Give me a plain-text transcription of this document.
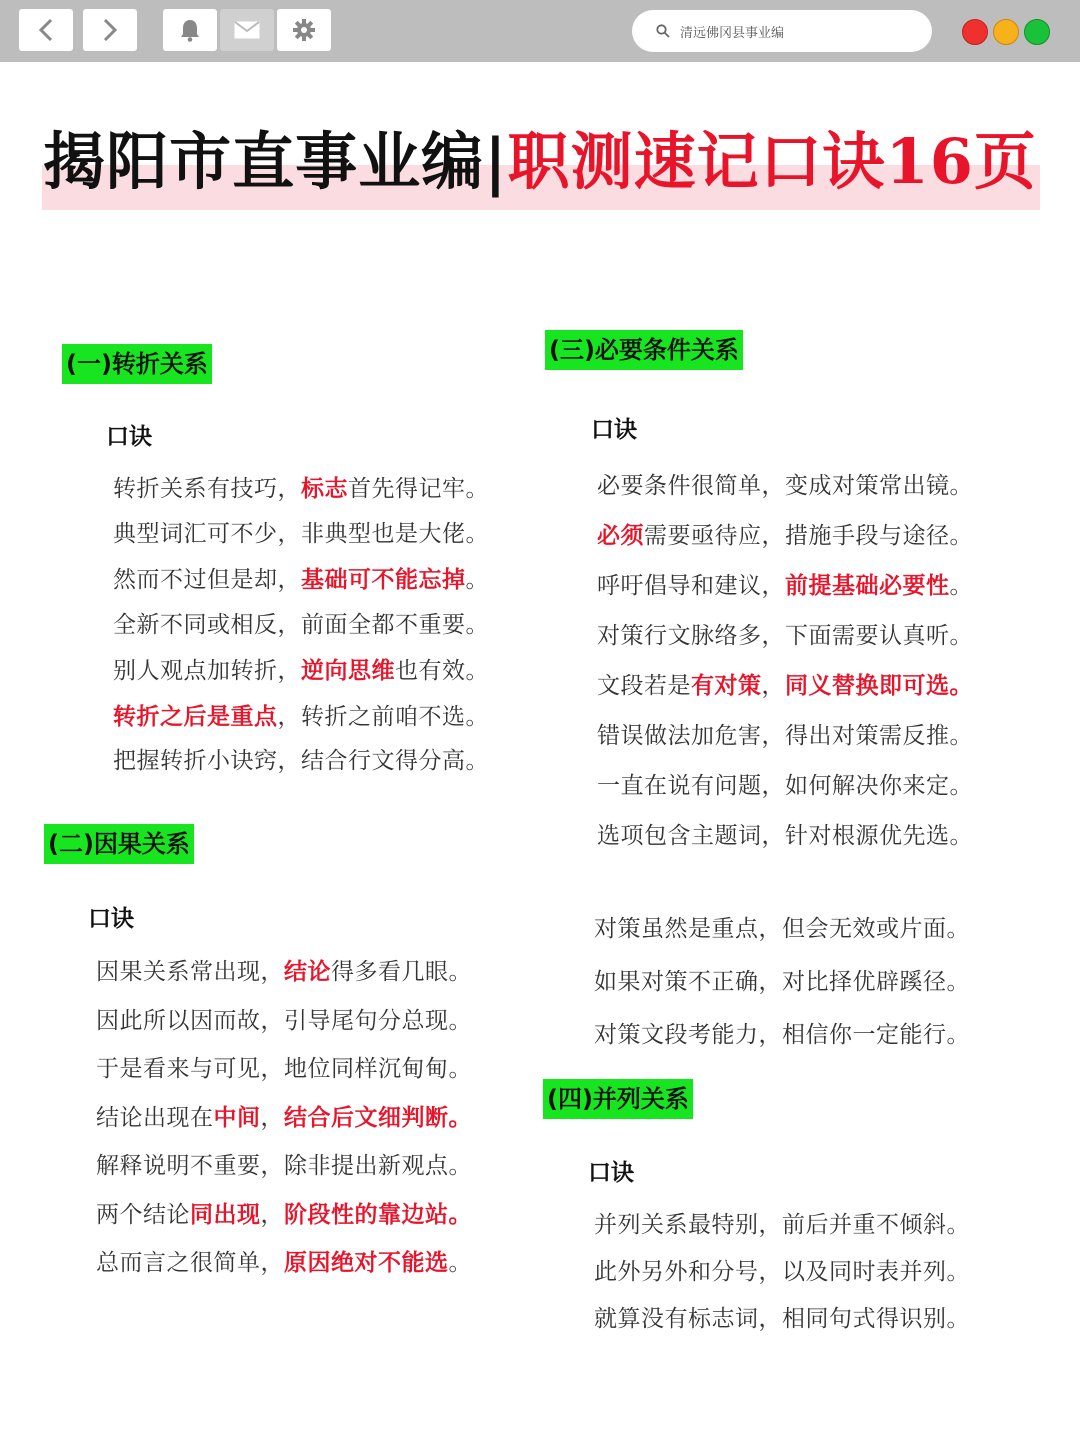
清远佛冈县事业编
揭阳市直事业编|职测速记口诀16页
(一)转折关系
口诀
转折关系有技巧，标志首先得记牢。
典型词汇可不少，非典型也是大佬。
然而不过但是却，基础可不能忘掉。
全新不同或相反，前面全都不重要。
别人观点加转折，逆向思维也有效。
转折之后是重点，转折之前咱不选。
把握转折小诀窍，结合行文得分高。
(二)因果关系
口诀
因果关系常出现，结论得多看几眼。
因此所以因而故，引导尾句分总现。
于是看来与可见，地位同样沉甸甸。
结论出现在中间，结合后文细判断。
解释说明不重要，除非提出新观点。
两个结论同出现，阶段性的靠边站。
总而言之很简单，原因绝对不能选。
(三)必要条件关系
口诀
必要条件很简单，变成对策常出镜。
必须需要亟待应，措施手段与途径。
呼吁倡导和建议，前提基础必要性。
对策行文脉络多，下面需要认真听。
文段若是有对策，同义替换即可选。
错误做法加危害，得出对策需反推。
一直在说有问题，如何解决你来定。
选项包含主题词，针对根源优先选。
对策虽然是重点，但会无效或片面。
如果对策不正确，对比择优辟蹊径。
对策文段考能力，相信你一定能行。
(四)并列关系
口诀
并列关系最特别，前后并重不倾斜。
此外另外和分号，以及同时表并列。
就算没有标志词，相同句式得识别。
